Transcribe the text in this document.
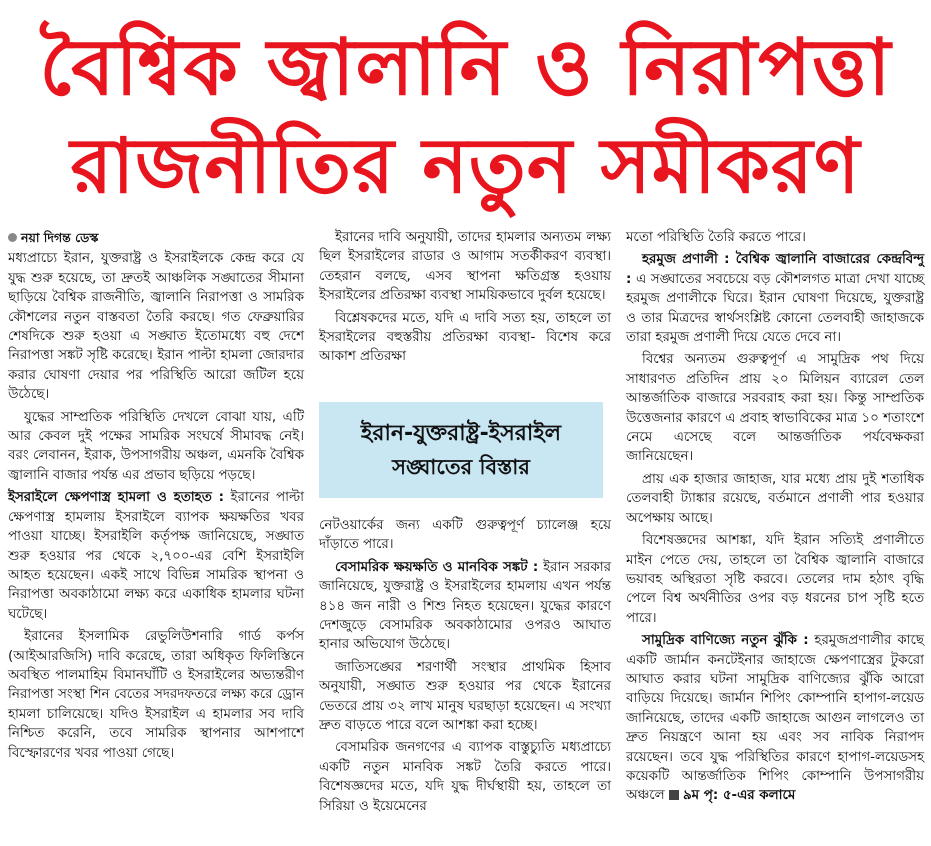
বৈশ্বিক জ্বালানি ও নিরাপত্তা
রাজনীতির নতুন সমীকরণ
নয়া দিগন্ত ডেস্ক

মধ্যপ্রাচ্যে ইরান, যুক্তরাষ্ট্র ও ইসরাইলকে কেন্দ্র করে যে যুদ্ধ শুরু হয়েছে, তা দ্রুতই আঞ্চলিক সঙ্ঘাতের সীমানা ছাড়িয়ে বৈশ্বিক রাজনীতি, জ্বালানি নিরাপত্তা ও সামরিক কৌশলের নতুন বাস্তবতা তৈরি করছে। গত ফেব্রুয়ারির শেষদিকে শুরু হওয়া এ সঙ্ঘাত ইতোমধ্যে বহু দেশে নিরাপত্তা সঙ্কট সৃষ্টি করেছে। ইরান পাল্টা হামলা জোরদার করার ঘোষণা দেয়ার পর পরিস্থিতি আরো জটিল হয়ে উঠেছে।

যুদ্ধের সাম্প্রতিক পরিস্থিতি দেখলে বোঝা যায়, এটি আর কেবল দুই পক্ষের সামরিক সংঘর্ষে সীমাবদ্ধ নেই। বরং লেবানন, ইরাক, উপসাগরীয় অঞ্চল, এমনকি বৈশ্বিক জ্বালানি বাজার পর্যন্ত এর প্রভাব ছড়িয়ে পড়ছে।

ইসরাইলে ক্ষেপণাস্ত্র হামলা ও হতাহত : ইরানের পাল্টা ক্ষেপণাস্ত্র হামলায় ইসরাইলে ব্যাপক ক্ষয়ক্ষতির খবর পাওয়া যাচ্ছে। ইসরাইলি কর্তৃপক্ষ জানিয়েছে, সঙ্ঘাত শুরু হওয়ার পর থেকে ২,৭০০-এর বেশি ইসরাইলি আহত হয়েছেন। একই সাথে বিভিন্ন সামরিক স্থাপনা ও নিরাপত্তা অবকাঠামো লক্ষ্য করে একাধিক হামলার ঘটনা ঘটেছে।

ইরানের ইসলামিক রেভুলিউশনারি গার্ড কর্পস (আইআরজিসি) দাবি করেছে, তারা অধিকৃত ফিলিস্তিনে অবস্থিত পালমাহিম বিমানঘাঁটি ও ইসরাইলের অভ্যন্তরীণ নিরাপত্তা সংস্থা শিন বেতের সদরদফতরে লক্ষ্য করে ড্রোন হামলা চালিয়েছে। যদিও ইসরাইল এ হামলার সব দাবি নিশ্চিত করেনি, তবে সামরিক স্থাপনার আশপাশে বিস্ফোরণের খবর পাওয়া গেছে।

ইরানের দাবি অনুযায়ী, তাদের হামলার অন্যতম লক্ষ্য ছিল ইসরাইলের রাডার ও আগাম সতর্কীকরণ ব্যবস্থা। তেহরান বলছে, এসব স্থাপনা ক্ষতিগ্রস্ত হওয়ায় ইসরাইলের প্রতিরক্ষা ব্যবস্থা সাময়িকভাবে দুর্বল হয়েছে।

বিশ্লেষকদের মতে, যদি এ দাবি সত্য হয়, তাহলে তা ইসরাইলের বহুস্তরীয় প্রতিরক্ষা ব্যবস্থা- বিশেষ করে আকাশ প্রতিরক্ষা

ইরান-যুক্তরাষ্ট্র-ইসরাইল
সঙ্ঘাতের বিস্তার

নেটওয়ার্কের জন্য একটি গুরুত্বপূর্ণ চ্যালেঞ্জ হয়ে দাঁড়াতে পারে।

বেসামরিক ক্ষয়ক্ষতি ও মানবিক সঙ্কট : ইরান সরকার জানিয়েছে, যুক্তরাষ্ট্র ও ইসরাইলের হামলায় এখন পর্যন্ত ৪১৪ জন নারী ও শিশু নিহত হয়েছেন। যুদ্ধের কারণে দেশজুড়ে বেসামরিক অবকাঠামোর ওপরও আঘাত হানার অভিযোগ উঠেছে।

জাতিসঙ্ঘের শরণার্থী সংস্থার প্রাথমিক হিসাব অনুযায়ী, সঙ্ঘাত শুরু হওয়ার পর থেকে ইরানের ভেতরে প্রায় ৩২ লাখ মানুষ ঘরছাড়া হয়েছেন। এ সংখ্যা দ্রুত বাড়তে পারে বলে আশঙ্কা করা হচ্ছে।

বেসামরিক জনগণের এ ব্যাপক বাস্তুচ্যুতি মধ্যপ্রাচ্যে একটি নতুন মানবিক সঙ্কট তৈরি করতে পারে। বিশেষজ্ঞদের মতে, যদি যুদ্ধ দীর্ঘস্থায়ী হয়, তাহলে তা সিরিয়া ও ইয়েমেনের

মতো পরিস্থিতি তৈরি করতে পারে।

হরমুজ প্রণালী : বৈশ্বিক জ্বালানি বাজারের কেন্দ্রবিন্দু : এ সঙ্ঘাতের সবচেয়ে বড় কৌশলগত মাত্রা দেখা যাচ্ছে হরমুজ প্রণালীকে ঘিরে। ইরান ঘোষণা দিয়েছে, যুক্তরাষ্ট্র ও তার মিত্রদের স্বার্থসংশ্লিষ্ট কোনো তেলবাহী জাহাজকে তারা হরমুজ প্রণালী দিয়ে যেতে দেবে না।

বিশ্বের অন্যতম গুরুত্বপূর্ণ এ সামুদ্রিক পথ দিয়ে সাধারণত প্রতিদিন প্রায় ২০ মিলিয়ন ব্যারেল তেল আন্তর্জাতিক বাজারে সরবরাহ করা হয়। কিন্তু সাম্প্রতিক উত্তেজনার কারণে এ প্রবাহ স্বাভাবিকের মাত্র ১০ শতাংশে নেমে এসেছে বলে আন্তর্জাতিক পর্যবেক্ষকরা জানিয়েছেন।

প্রায় এক হাজার জাহাজ, যার মধ্যে প্রায় দুই শতাধিক তেলবাহী ট্যাঙ্কার রয়েছে, বর্তমানে প্রণালী পার হওয়ার অপেক্ষায় আছে।

বিশেষজ্ঞদের আশঙ্কা, যদি ইরান সত্যিই প্রণালীতে মাইন পেতে দেয়, তাহলে তা বৈশ্বিক জ্বালানি বাজারে ভয়াবহ অস্থিরতা সৃষ্টি করবে। তেলের দাম হঠাৎ বৃদ্ধি পেলে বিশ্ব অর্থনীতির ওপর বড় ধরনের চাপ সৃষ্টি হতে পারে।

সামুদ্রিক বাণিজ্যে নতুন ঝুঁকি : হরমুজপ্রণালীর কাছে একটি জার্মান কনটেইনার জাহাজে ক্ষেপণাস্ত্রের টুকরো আঘাত করার ঘটনা সামুদ্রিক বাণিজ্যের ঝুঁকি আরো বাড়িয়ে দিয়েছে। জার্মান শিপিং কোম্পানি হাপাগ-লয়েড জানিয়েছে, তাদের একটি জাহাজে আগুন লাগলেও তা দ্রুত নিয়ন্ত্রণে আনা হয় এবং সব নাবিক নিরাপদ রয়েছেন। তবে যুদ্ধ পরিস্থিতির কারণে হাপাগ-লয়েডসহ কয়েকটি আন্তর্জাতিক শিপিং কোম্পানি উপসাগরীয় অঞ্চলে ৯ম পৃ: ৫-এর কলামে
